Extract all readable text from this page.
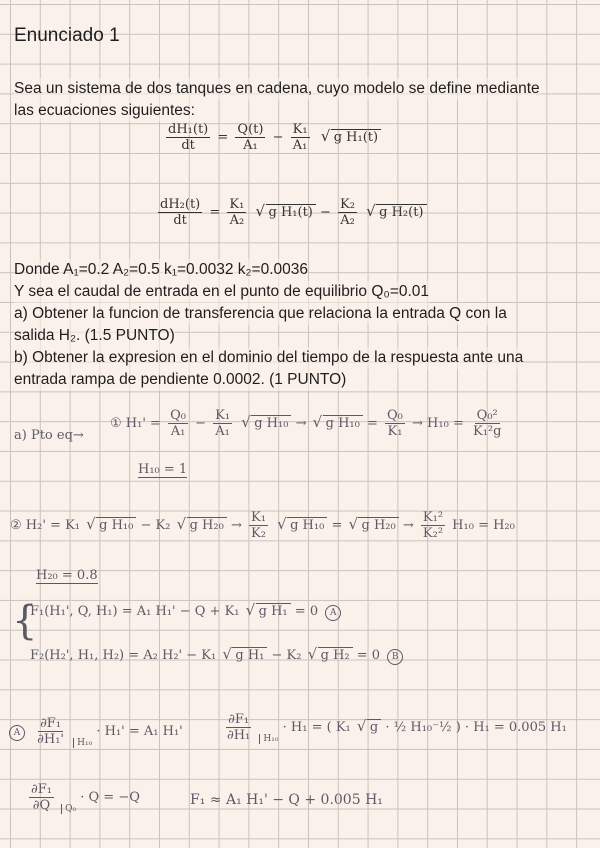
Enunciado 1
Sea un sistema de dos tanques en cadena, cuyo modelo se define mediante
las ecuaciones siguientes:
$\frac{\text{dH₁(t)}}{dt} = \frac{Q(t)}{\text{A₁}} - \frac{\text{K₁}}{\text{A₁}}$ √ g H₁(t)
$\frac{\text{dH₂(t)}}{dt} = \frac{\text{K₁}}{\text{A₂}}$ √ g $H_1(t) - \frac{\text{K₂}}{\text{A₂}}$ √ g H₂(t)
Donde A₁=0.2 A₂=0.5 k₁=0.0032 k₂=0.0036
Y sea el caudal de entrada en el punto de equilibrio Q₀=0.01
a) Obtener la funcion de transferencia que relaciona la entrada Q con la
salida H₂. (1.5 PUNTO)
b) Obtener la expresion en el dominio del tiempo de la respuesta ante una
entrada rampa de pendiente 0.0002. (1 PUNTO)
a) Pto eq→
① $H_1' = \frac{\text{Q₀}}{\text{A₁}} - \frac{\text{K₁}}{\text{A₁}}$ √ g H₁₀ → √ g $H_{10} = \frac{\text{Q₀}}{\text{K₁}} \to H_{10} = \frac{\text{Q₀²}}{\text{K₁²g}}$
H₁₀ = 1
② H₂' = K₁ √ g H₁₀ − K₂ √ g $H_{20} \to \frac{\text{K₁}}{\text{K₂}}$ √ g H₁₀ = √ g $H_{20} \to \frac{\text{K₁²}}{\text{K₂²}} H_{10} = H_{20}$
H₂₀ = 0.8
{
F₁(H₁', Q, H₁) = A₁ H₁' − Q + K₁ √ g H₁ = 0 A
F₂(H₂', H₁, H₂) = A₂ H₂' − K₁ √ g H₁ − K₂ √ g H₂ = 0 B
A $\frac{\text{∂F₁}}{\text{∂H₁'}} _{H_{10}} \cdot H_1' = A_1$ H₁'	$\frac{\text{∂F₁}}{\text{∂H₁}} _{H_{10}} \cdot H_1$ = ( K₁ √ g · ½ H₁₀⁻½ ) · H₁ = 0.005 H₁
$\frac{\text{∂F₁}}{\partial Q} _{Q_0} \cdot Q = -Q$	F₁ ≈ A₁ H₁' − Q + 0.005 H₁
